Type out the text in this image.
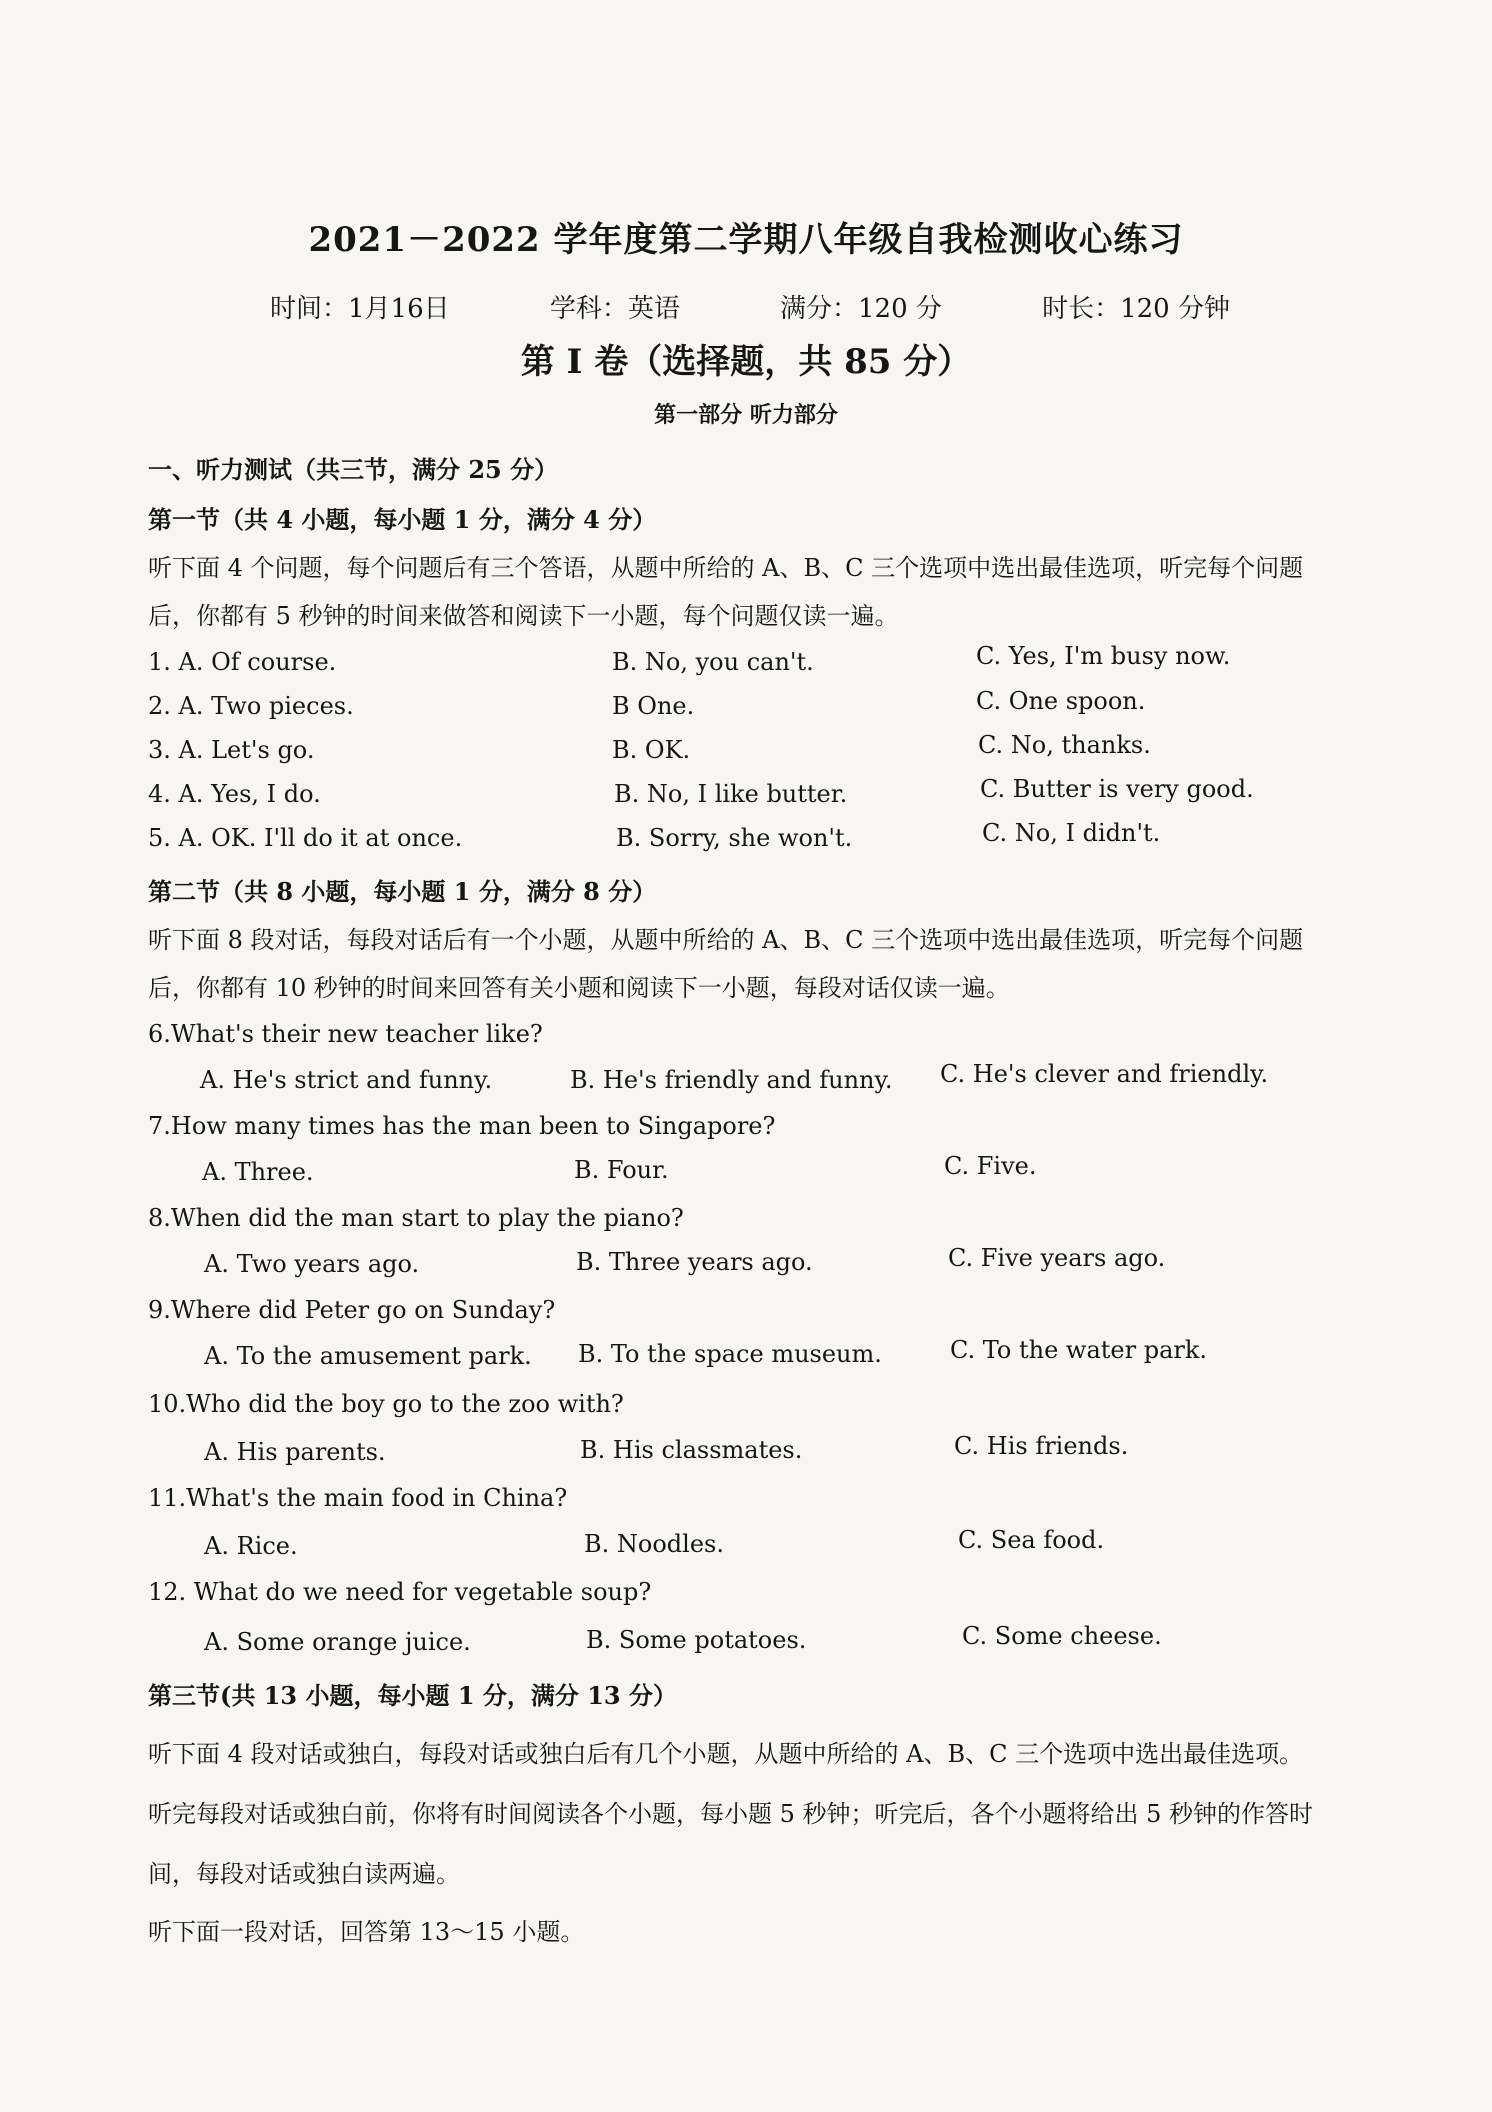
2021－2022 学年度第二学期八年级自我检测收心练习
时间：1月16日	学科：英语	满分：120 分	时长：120 分钟
第 I 卷（选择题，共 85 分）
第一部分 听力部分
一、听力测试（共三节，满分 25 分）
第一节（共 4 小题，每小题 1 分，满分 4 分）
听下面 4 个问题，每个问题后有三个答语，从题中所给的 A、B、C 三个选项中选出最佳选项，听完每个问题
后，你都有 5 秒钟的时间来做答和阅读下一小题，每个问题仅读一遍。
1. A. Of course.	B. No, you can't.	C. Yes, I'm busy now.
2. A. Two pieces.	B One.	C. One spoon.
3. A. Let's go.	B. OK.	C. No, thanks.
4. A. Yes, I do.	B. No, I like butter.	C. Butter is very good.
5. A. OK. I'll do it at once.	B. Sorry, she won't.	C. No, I didn't.
第二节（共 8 小题，每小题 1 分，满分 8 分）
听下面 8 段对话，每段对话后有一个小题，从题中所给的 A、B、C 三个选项中选出最佳选项，听完每个问题
后，你都有 10 秒钟的时间来回答有关小题和阅读下一小题，每段对话仅读一遍。
6.What's their new teacher like?
A. He's strict and funny.	B. He's friendly and funny. C. He's clever and friendly.
7.How many times has the man been to Singapore?
A. Three.	B. Four.	C. Five.
8.When did the man start to play the piano?
A. Two years ago.	B. Three years ago.	C. Five years ago.
9.Where did Peter go on Sunday?
A. To the amusement park. B. To the space museum.	C. To the water park.
10.Who did the boy go to the zoo with?
A. His parents.	B. His classmates.	C. His friends.
11.What's the main food in China?
A. Rice.	B. Noodles.	C. Sea food.
12. What do we need for vegetable soup?
A. Some orange juice.	B. Some potatoes.	C. Some cheese.
第三节(共 13 小题，每小题 1 分，满分 13 分）
听下面 4 段对话或独白，每段对话或独白后有几个小题，从题中所给的 A、B、C 三个选项中选出最佳选项。
听完每段对话或独白前，你将有时间阅读各个小题，每小题 5 秒钟；听完后，各个小题将给出 5 秒钟的作答时
间，每段对话或独白读两遍。
听下面一段对话，回答第 13～15 小题。
